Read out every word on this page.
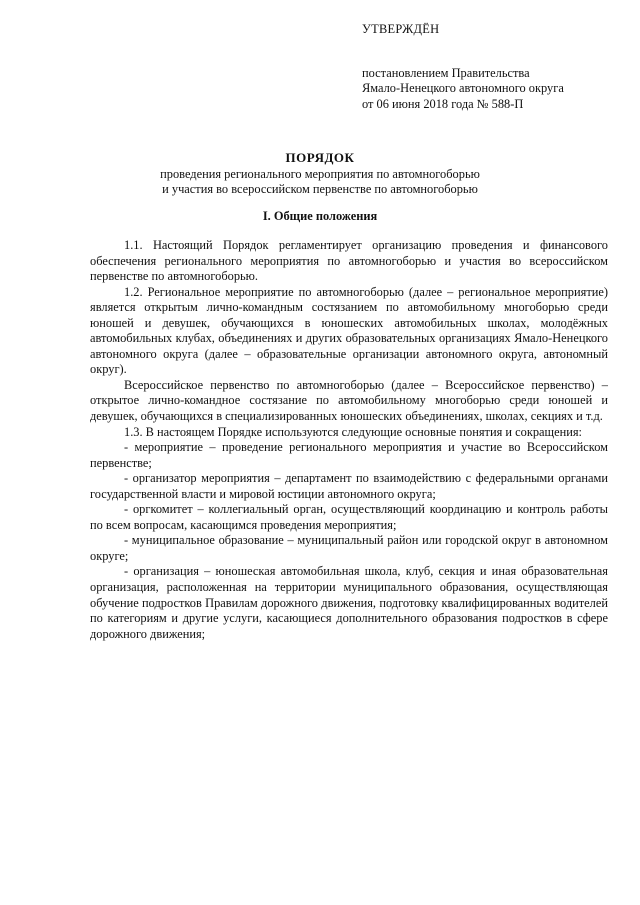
УТВЕРЖДЁН
постановлением Правительства
Ямало-Ненецкого автономного округа
от 06 июня 2018 года № 588-П
ПОРЯДОК
проведения регионального мероприятия по автомногоборью
и участия во всероссийском первенстве по автомногоборью
I. Общие положения

1.1. Настоящий Порядок регламентирует организацию проведения и финансового обеспечения регионального мероприятия по автомногоборью и участия во всероссийском первенстве по автомногоборью.

1.2. Региональное мероприятие по автомногоборью (далее – региональное мероприятие) является открытым лично-командным состязанием по автомобильному многоборью среди юношей и девушек, обучающихся в юношеских автомобильных школах, молодёжных автомобильных клубах, объединениях и других образовательных организациях Ямало-Ненецкого автономного округа (далее – образовательные организации автономного округа, автономный округ).

Всероссийское первенство по автомногоборью (далее – Всероссийское первенство) – открытое лично-командное состязание по автомобильному многоборью среди юношей и девушек, обучающихся в специализированных юношеских объединениях, школах, секциях и т.д.

1.3. В настоящем Порядке используются следующие основные понятия и сокращения:

- мероприятие – проведение регионального мероприятия и участие во Всероссийском первенстве;

- организатор мероприятия – департамент по взаимодействию с федеральными органами государственной власти и мировой юстиции автономного округа;

- оргкомитет – коллегиальный орган, осуществляющий координацию и контроль работы по всем вопросам, касающимся проведения мероприятия;

- муниципальное образование – муниципальный район или городской округ в автономном округе;

- организация – юношеская автомобильная школа, клуб, секция и иная образовательная организация, расположенная на территории муниципального образования, осуществляющая обучение подростков Правилам дорожного движения, подготовку квалифицированных водителей по категориям и другие услуги, касающиеся дополнительного образования подростков в сфере дорожного движения;
